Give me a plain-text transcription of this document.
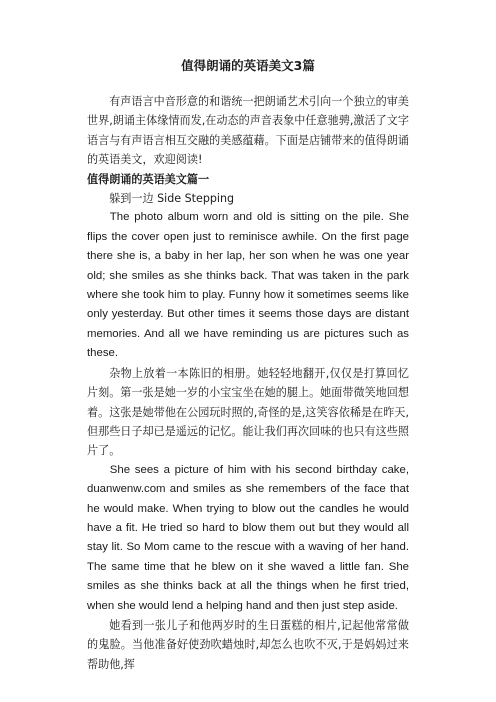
值得朗诵的英语美文3篇

有声语言中音形意的和谐统一把朗诵艺术引向一个独立的审美世界,朗诵主体缘情而发,在动态的声音表象中任意驰骋,激活了文字语言与有声语言相互交融的美感蕴藉。下面是店铺带来的值得朗诵的英语美文，欢迎阅读!

值得朗诵的英语美文篇一

躲到一边 Side Stepping

The photo album worn and old is sitting on the pile. She flips the cover open just to reminisce awhile. On the first page there she is, a baby in her lap, her son when he was one year old; she smiles as she thinks back. That was taken in the park where she took him to play. Funny how it sometimes seems like only yesterday. But other times it seems those days are distant memories. And all we have reminding us are pictures such as these.

杂物上放着一本陈旧的相册。她轻轻地翻开,仅仅是打算回忆片刻。第一张是她一岁的小宝宝坐在她的腿上。她面带微笑地回想着。这张是她带他在公园玩时照的,奇怪的是,这笑容依稀是在昨天,但那些日子却已是遥远的记忆。能让我们再次回味的也只有这些照片了。

She sees a picture of him with his second birthday cake, duanwenw.com and smiles as she remembers of the face that he would make. When trying to blow out the candles he would have a fit. He tried so hard to blow them out but they would all stay lit. So Mom came to the rescue with a waving of her hand. The same time that he blew on it she waved a little fan. She smiles as she thinks back at all the things when he first tried, when she would lend a helping hand and then just step aside.

她看到一张儿子和他两岁时的生日蛋糕的相片,记起他常常做的鬼脸。当他准备好使劲吹蜡烛时,却怎么也吹不灭,于是妈妈过来帮助他,挥
